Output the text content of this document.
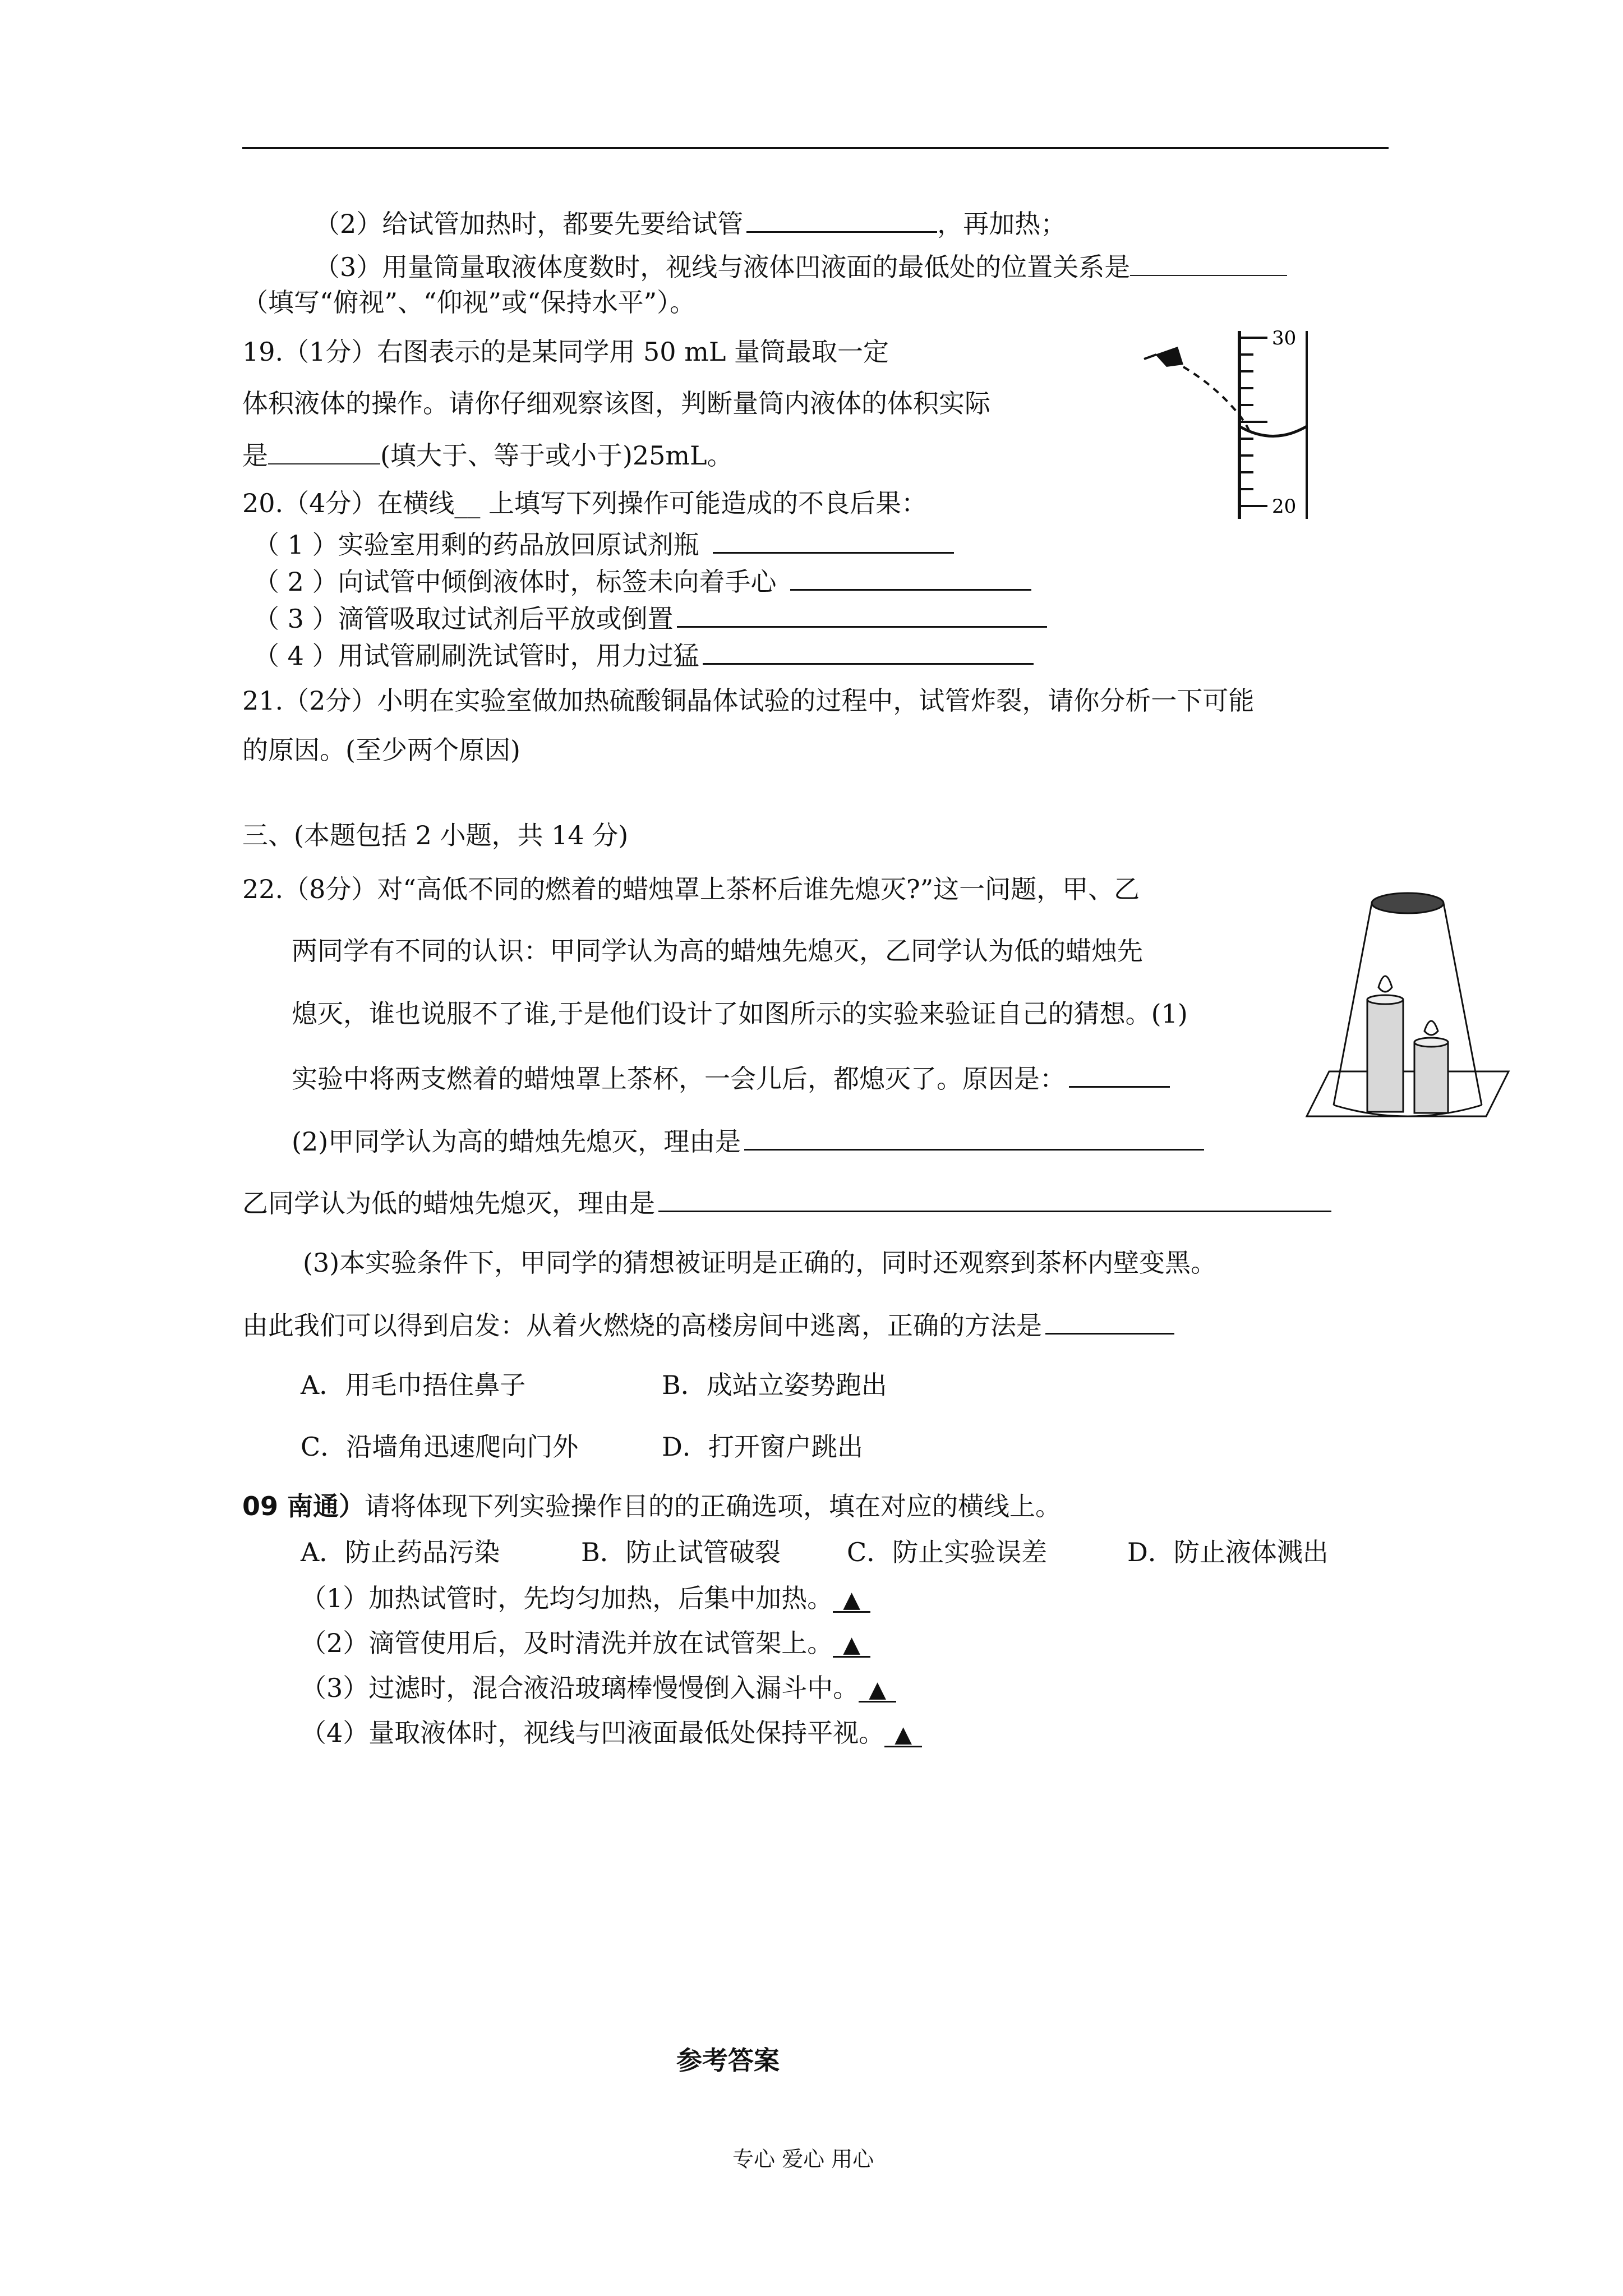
（2）给试管加热时，都要先要给试管	，再加热；
（3）用量筒量取液体度数时，视线与液体凹液面的最低处的位置关系是
（填写“俯视”、“仰视”或“保持水平”）。
19.（1分）右图表示的是某同学用 50 mL 量筒最取一定
体积液体的操作。请你仔细观察该图，判断量筒内液体的体积实际
是	(填大于、等于或小于)25mL。
30
20
20.（4分）在横线__ 上填写下列操作可能造成的不良后果：
（ 1 ）实验室用剩的药品放回原试剂瓶
（ 2 ）向试管中倾倒液体时，标签未向着手心
（ 3 ）滴管吸取过试剂后平放或倒置
（ 4 ）用试管刷刷洗试管时，用力过猛
21.（2分）小明在实验室做加热硫酸铜晶体试验的过程中，试管炸裂，请你分析一下可能
的原因。(至少两个原因)
三、(本题包括 2 小题，共 14 分)
22.（8分）对“高低不同的燃着的蜡烛罩上茶杯后谁先熄灭?”这一问题，甲、乙
两同学有不同的认识：甲同学认为高的蜡烛先熄灭，乙同学认为低的蜡烛先
熄灭，谁也说服不了谁,于是他们设计了如图所示的实验来验证自己的猜想。(1)
实验中将两支燃着的蜡烛罩上茶杯，一会儿后，都熄灭了。原因是：
(2)甲同学认为高的蜡烛先熄灭，理由是
乙同学认为低的蜡烛先熄灭，理由是
(3)本实验条件下，甲同学的猜想被证明是正确的，同时还观察到茶杯内壁变黑。
由此我们可以得到启发：从着火燃烧的高楼房间中逃离，正确的方法是
A．用毛巾捂住鼻子	B．成站立姿势跑出
C．沿墙角迅速爬向门外	D．打开窗户跳出
09 南通）请将体现下列实验操作目的的正确选项，填在对应的横线上。
A．防止药品污染	B．防止试管破裂	C．防止实验误差	D．防止液体溅出
（1）加热试管时，先均匀加热，后集中加热。 ▲
（2）滴管使用后，及时清洗并放在试管架上。 ▲
（3）过滤时，混合液沿玻璃棒慢慢倒入漏斗中。 ▲
（4）量取液体时，视线与凹液面最低处保持平视。 ▲
参考答案
专心 爱心 用心
